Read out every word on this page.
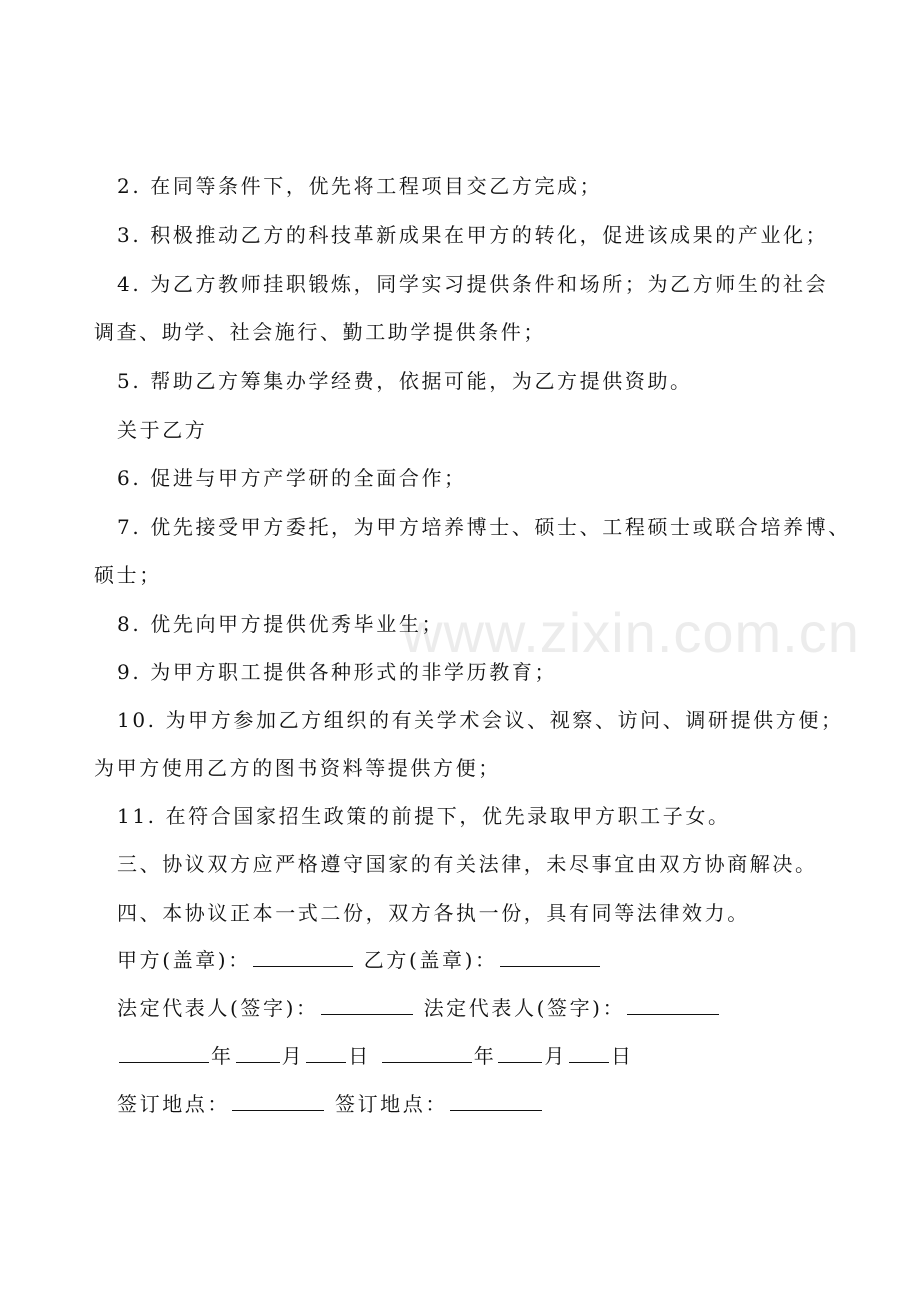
www.zixin.com.cn
2. 在同等条件下，优先将工程项目交乙方完成；
3. 积极推动乙方的科技革新成果在甲方的转化，促进该成果的产业化；
4. 为乙方教师挂职锻炼，同学实习提供条件和场所；为乙方师生的社会
调查、助学、社会施行、勤工助学提供条件；
5. 帮助乙方筹集办学经费，依据可能，为乙方提供资助。
关于乙方
6. 促进与甲方产学研的全面合作；
7. 优先接受甲方委托，为甲方培养博士、硕士、工程硕士或联合培养博、
硕士；
8. 优先向甲方提供优秀毕业生；
9. 为甲方职工提供各种形式的非学历教育；
10. 为甲方参加乙方组织的有关学术会议、视察、访问、调研提供方便；
为甲方使用乙方的图书资料等提供方便；
11. 在符合国家招生政策的前提下，优先录取甲方职工子女。
三、协议双方应严格遵守国家的有关法律，未尽事宜由双方协商解决。
四、本协议正本一式二份，双方各执一份，具有同等法律效力。
甲方(盖章)：	乙方(盖章)：
法定代表人(签字)：	法定代表人(签字)：
年 月 日	年 月 日
签订地点：	签订地点：
